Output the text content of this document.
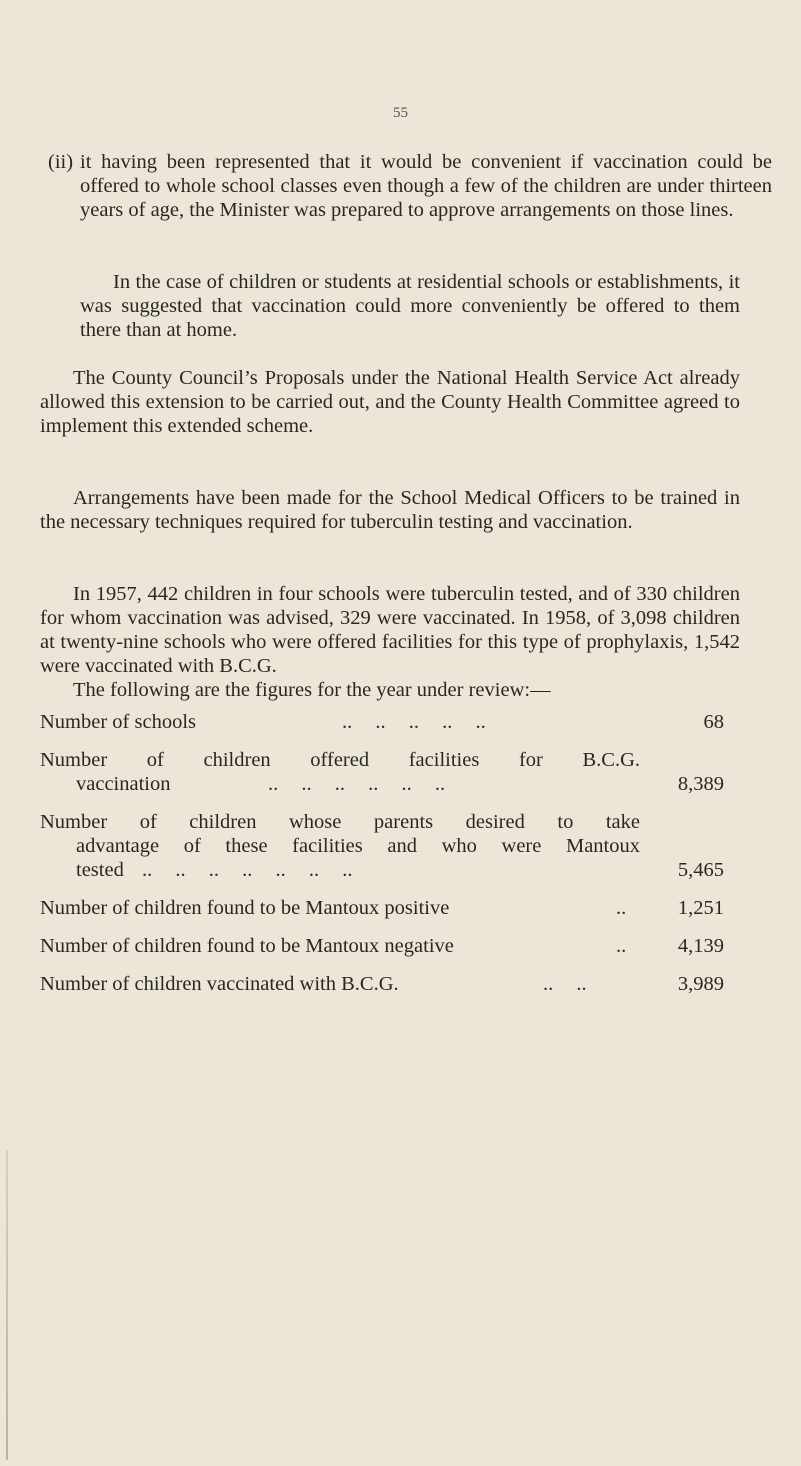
55
(ii) it having been represented that it would be convenient if vaccination could be offered to whole school classes even though a few of the children are under thirteen years of age, the Minister was prepared to approve arrangements on those lines.
In the case of children or students at residential schools or establishments, it was suggested that vaccination could more conveniently be offered to them there than at home.
The County Council’s Proposals under the National Health Service Act already allowed this extension to be carried out, and the County Health Committee agreed to implement this extended scheme.
Arrangements have been made for the School Medical Officers to be trained in the necessary techniques required for tuberculin testing and vaccination.
In 1957, 442 children in four schools were tuberculin tested, and of 330 children for whom vaccination was advised, 329 were vaccinated. In 1958, of 3,098 children at twenty-nine schools who were offered facilities for this type of prophylaxis, 1,542 were vaccinated with B.C.G.
The following are the figures for the year under review:—
Number of schools	.. .. .. .. ..	68
Number of children offered facilities for B.C.G.
vaccination	.. .. .. .. .. ..	8,389
Number of children whose parents desired to take
advantage of these facilities and who were Mantoux
tested .. .. .. .. .. .. ..	5,465
Number of children found to be Mantoux positive	..	1,251
Number of children found to be Mantoux negative	..	4,139
Number of children vaccinated with B.C.G.	.. ..	3,989
